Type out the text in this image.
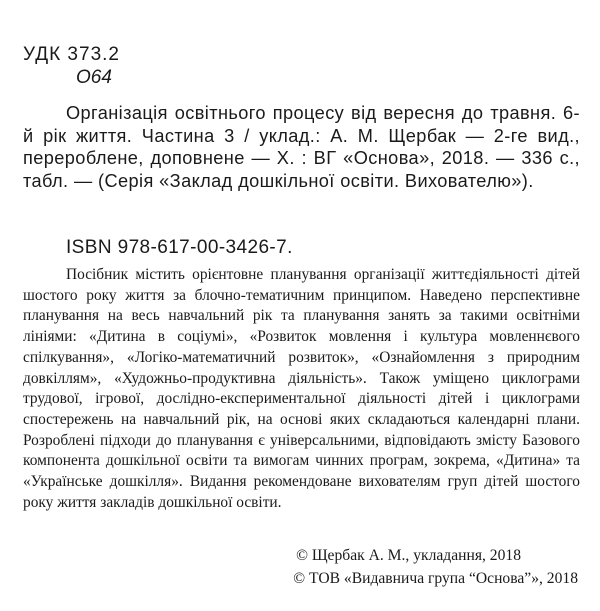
УДК 373.2
О64

Організація освітнього процесу від вересня до травня. 6-й рік життя. Частина 3 / уклад.: А. М. Щербак — 2-ге вид., перероблене, доповнене — Х. : ВГ «Основа», 2018. — 336 с., табл. — (Серія «Заклад дошкільної освіти. Вихователю»).

ISBN 978-617-00-3426-7.

Посібник містить орієнтовне планування організації життєдіяльності дітей шостого року життя за блочно-тематичним принципом. Наведено перспективне планування на весь навчальний рік та планування занять за такими освітніми лініями: «Дитина в соціумі», «Розвиток мовлення і культура мовленнєвого спілкування», «Логіко-математичний розвиток», «Ознайомлення з природним довкіллям», «Художньо-продуктивна діяльність». Також уміщено циклограми трудової, ігрової, дослідно-експериментальної діяльності дітей і циклограми спостережень на навчальний рік, на основі яких складаються календарні плани. Розроблені підходи до планування є універсальними, відповідають змісту Базового компонента дошкільної освіти та вимогам чинних програм, зокрема, «Дитина» та «Українське дошкілля». Видання рекомендоване вихователям груп дітей шостого року життя закладів дошкільної освіти.

© Щербак А. М., укладання, 2018
© ТОВ «Видавнича група “Основа”», 2018
